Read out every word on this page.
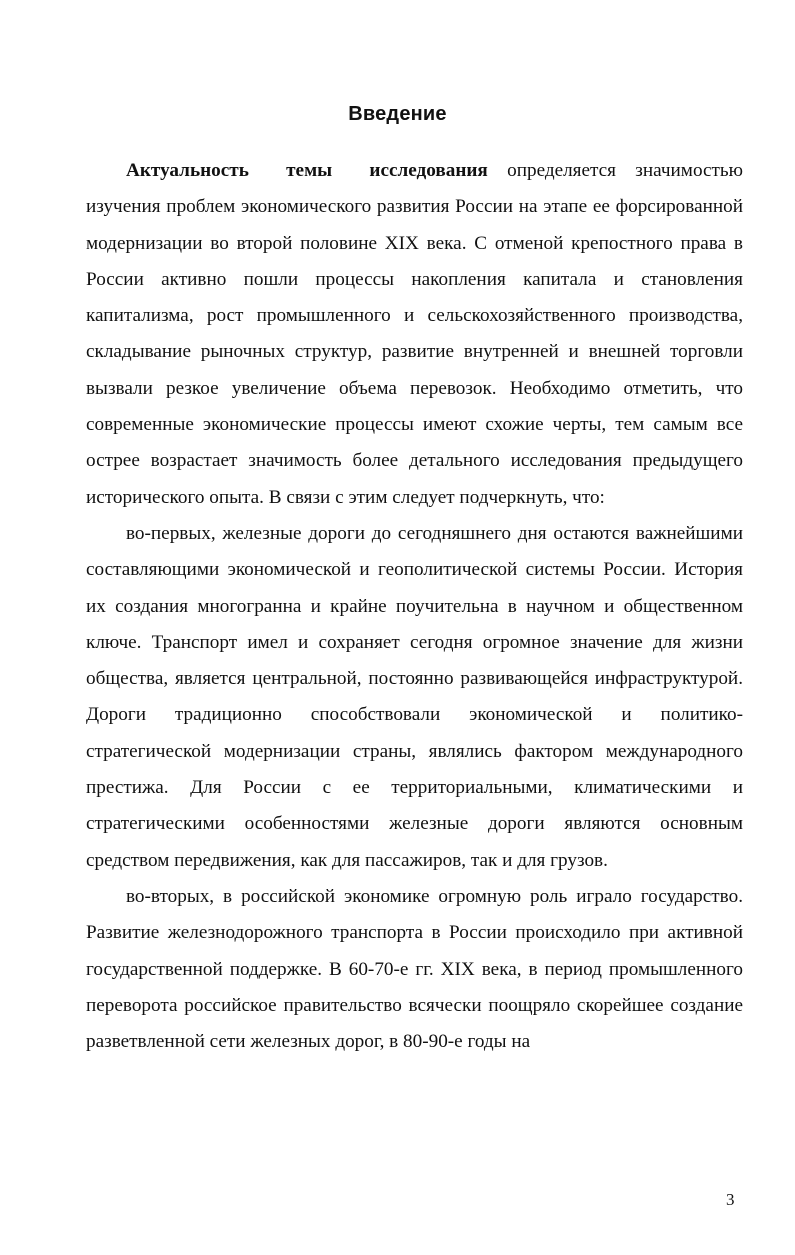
Введение

Актуальность темы исследования определяется значимостью изучения проблем экономического развития России на этапе ее форсированной модернизации во второй половине XIX века. С отменой крепостного права в России активно пошли процессы накопления капитала и становления капитализма, рост промышленного и сельскохозяйственного производства, складывание рыночных структур, развитие внутренней и внешней торговли вызвали резкое увеличение объема перевозок. Необходимо отметить, что современные экономические процессы имеют схожие черты, тем самым все острее возрастает значимость более детального исследования предыдущего исторического опыта. В связи с этим следует подчеркнуть, что:

во-первых, железные дороги до сегодняшнего дня остаются важнейшими составляющими экономической и геополитической системы России. История их создания многогранна и крайне поучительна в научном и общественном ключе. Транспорт имел и сохраняет сегодня огромное значение для жизни общества, является центральной, постоянно развивающейся инфраструктурой. Дороги традиционно способствовали экономической и политико-стратегической модернизации страны, являлись фактором международного престижа. Для России с ее территориальными, климатическими и стратегическими особенностями железные дороги являются основным средством передвижения, как для пассажиров, так и для грузов.

во-вторых, в российской экономике огромную роль играло государство. Развитие железнодорожного транспорта в России происходило при активной государственной поддержке. В 60-70-е гг. XIX века, в период промышленного переворота российское правительство всячески поощряло скорейшее создание разветвленной сети железных дорог, в 80-90-е годы на

3
